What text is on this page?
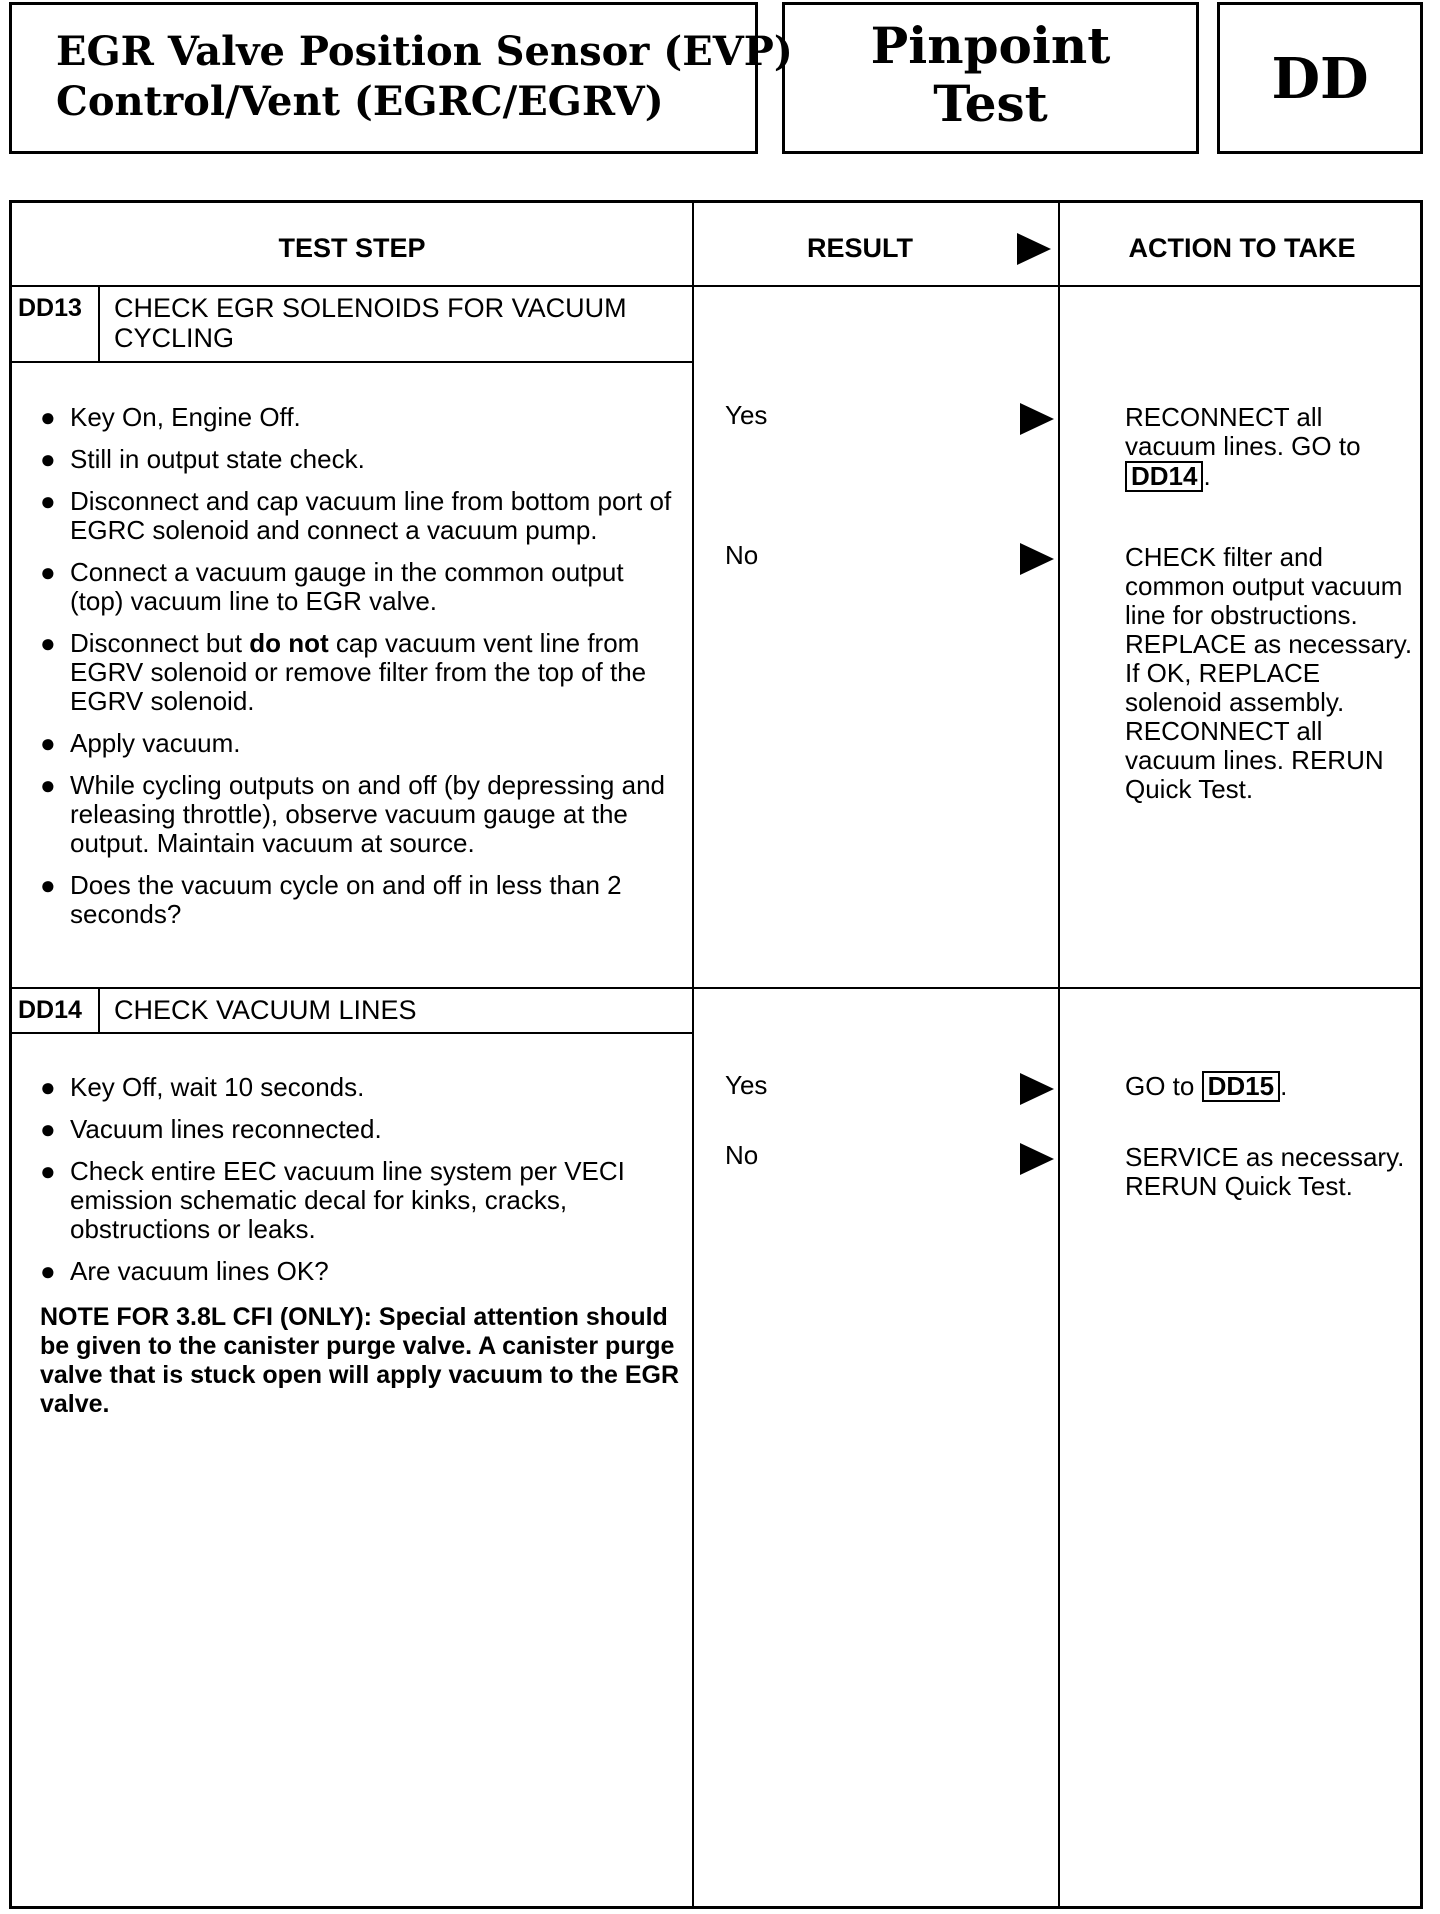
EGR Valve Position Sensor (EVP)
Control/Vent (EGRC/EGRV)
Pinpoint
Test	DD
TEST STEP	RESULT	ACTION TO TAKE
DD13 CHECK EGR SOLENOIDS FOR VACUUM CYCLING
● Key On, Engine Off.
● Still in output state check.
● Disconnect and cap vacuum line from bottom port of EGRC solenoid and connect a vacuum pump.
● Connect a vacuum gauge in the common output (top) vacuum line to EGR valve.
● Disconnect but do not cap vacuum vent line from EGRV solenoid or remove filter from the top of the EGRV solenoid.
● Apply vacuum.
● While cycling outputs on and off (by depressing and releasing throttle), observe vacuum gauge at the output. Maintain vacuum at source.
● Does the vacuum cycle on and off in less than 2 seconds?
Yes	RECONNECT all vacuum lines. GO to DD14 .
No	CHECK filter and common output vacuum line for obstructions. REPLACE as necessary. If OK, REPLACE solenoid assembly. RECONNECT all vacuum lines. RERUN Quick Test.
DD14 CHECK VACUUM LINES
● Key Off, wait 10 seconds.
● Vacuum lines reconnected.
● Check entire EEC vacuum line system per VECI emission schematic decal for kinks, cracks, obstructions or leaks.
● Are vacuum lines OK?
NOTE FOR 3.8L CFI (ONLY): Special attention should be given to the canister purge valve. A canister purge valve that is stuck open will apply vacuum to the EGR valve.
Yes	GO to DD15 .
No	SERVICE as necessary. RERUN Quick Test.
